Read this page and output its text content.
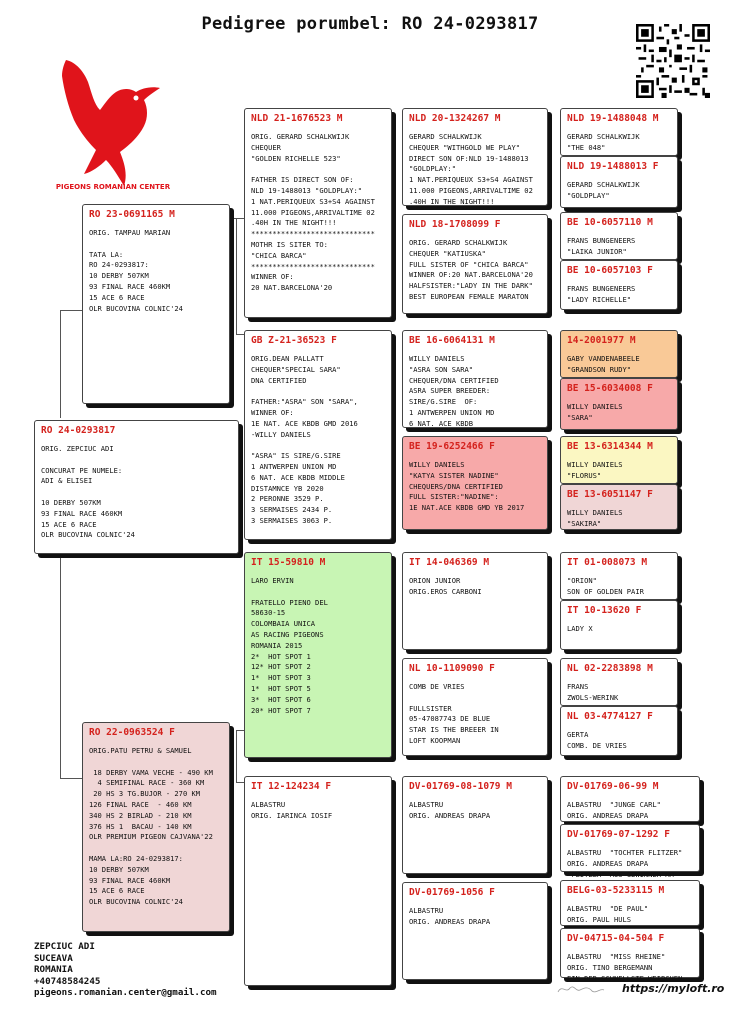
Pedigree porumbel: RO 24-0293817
PIGEONS ROMANIAN CENTER
RO 24-0293817
ORIG. ZEPCIUC ADI

CONCURAT PE NUMELE:
ADI & ELISEI

10 DERBY 507KM
93 FINAL RACE 460KM
15 ACE 6 RACE
OLR BUCOVINA COLNIC'24
RO 23-0691165 M
ORIG. TAMPAU MARIAN

TATA LA:
RO 24-0293817:
10 DERBY 507KM
93 FINAL RACE 460KM
15 ACE 6 RACE
OLR BUCOVINA COLNIC'24
RO 22-0963524 F
ORIG.PATU PETRU & SAMUEL

18 DERBY VAMA VECHE - 490 KM
4 SEMIFINAL RACE - 360 KM
20 HS 3 TG.BUJOR - 270 KM
126 FINAL RACE  - 460 KM
340 HS 2 BIRLAD - 210 KM
376 HS 1  BACAU - 140 KM
OLR PREMIUM PIGEON CAJVANA'22

MAMA LA:RO 24-0293817:
10 DERBY 507KM
93 FINAL RACE 460KM
15 ACE 6 RACE
OLR BUCOVINA COLNIC'24
NLD 21-1676523 M
ORIG. GERARD SCHALKWIJK
CHEQUER
"GOLDEN RICHELLE 523"

FATHER IS DIRECT SON OF:
NLD 19-1488013 "GOLDPLAY:"
1 NAT.PERIQUEUX S3+S4 AGAINST
11.000 PIGEONS,ARRIVALTIME 02
.40H IN THE NIGHT!!!
*****************************
MOTHR IS SITER TO:
"CHICA BARCA"
*****************************
WINNER OF:
20 NAT.BARCELONA'20
GB Z-21-36523 F
ORIG.DEAN PALLATT
CHEQUER"SPECIAL SARA"
DNA CERTIFIED

FATHER:"ASRA" SON "SARA",
WINNER OF:
1E NAT. ACE KBDB GMD 2016
-WILLY DANIELS

"ASRA" IS SIRE/G.SIRE
1 ANTWERPEN UNION MD
6 NAT. ACE KBDB MIDDLE
DISTAMNCE YB 2020
2 PERONNE 3529 P.
3 SERMAISES 2434 P.
3 SERMAISES 3063 P.
IT 15-59810 M
LARO ERVIN

FRATELLO PIENO DEL
58630-15
COLOMBAIA UNICA
AS RACING PIGEONS
ROMANIA 2015
2*  HOT SPOT 1
12* HOT SPOT 2
1*  HOT SPOT 3
1*  HOT SPOT 5
3*  HOT SPOT 6
20* HOT SPOT 7
IT 12-124234 F
ALBASTRU
ORIG. IARINCA IOSIF
NLD 20-1324267 M
GERARD SCHALKWIJK
CHEQUER "WITHGOLD WE PLAY"
DIRECT SON OF:NLD 19-1488013
"GOLDPLAY:"
1 NAT.PERIQUEUX S3+S4 AGAINST
11.000 PIGEONS,ARRIVALTIME 02
.40H IN THE NIGHT!!!
NLD 18-1708099 F
ORIG. GERARD SCHALKWIJK
CHEQUER "KATIUSKA"
FULL SISTER OF "CHICA BARCA"
WINNER OF:20 NAT.BARCELONA'20
HALFSISTER:"LADY IN THE DARK"
BEST EUROPEAN FEMALE MARATON
BE 16-6064131 M
WILLY DANIELS
"ASRA SON SARA"
CHEQUER/DNA CERTIFIED
ASRA SUPER BREEDER:
SIRE/G.SIRE  OF:
1 ANTWERPEN UNION MD
6 NAT. ACE KBDB
BE 19-6252466 F
WILLY DANIELS
"KATYA SISTER NADINE"
CHEQUERS/DNA CERTIFIED
FULL SISTER:"NADINE":
1E NAT.ACE KBDB GMD YB 2017
IT 14-046369 M
ORION JUNIOR
ORIG.EROS CARBONI
NL 10-1109090 F
COMB DE VRIES

FULLSISTER
05-47087743 DE BLUE
STAR IS THE BREEER IN
LOFT KOOPMAN
DV-01769-08-1079 M
ALBASTRU
ORIG. ANDREAS DRAPA
DV-01769-1056 F
ALBASTRU
ORIG. ANDREAS DRAPA
NLD 19-1488048 M
GERARD SCHALKWIJK
"THE 048"
NLD 19-1488013 F
GERARD SCHALKWIJK
"GOLDPLAY"
BE 10-6057110 M
FRANS BUNGENEERS
"LAIKA JUNIOR"
BE 10-6057103 F
FRANS BUNGENEERS
"LADY RICHELLE"
14-2001977 M
GABY VANDENABEELE
"GRANDSON RUDY"
BE 15-6034008 F
WILLY DANIELS
"SARA"
BE 13-6314344 M
WILLY DANIELS
"FLORUS"
BE 13-6051147 F
WILLY DANIELS
"SAKIRA"
IT 01-008073 M
"ORION"
SON OF GOLDEN PAIR

IT 10-13620 F
LADY X
NL 02-2283898 M
FRANS
ZWOLS-WERINK
NL 03-4774127 F
GERTA
COMB. DE VRIES
DV-01769-06-99 M
ALBASTRU  "JUNGE CARL"
ORIG. ANDREAS DRAPA

DV-01769-07-1292 F
ALBASTRU  "TOCHTER FLITZER"
ORIG. ANDREAS DRAPA
"FLITZER" AUS GEWINNER AM
BELG-03-5233115 M
ALBASTRU  "DE PAUL"
ORIG. PAUL HULS

DV-04715-04-504 F
ALBASTRU  "MISS RHEINE"
ORIG. TINO BERGEMANN
EIN DER SCHNELLSTE WEIBCHEN
ZEPCIUC ADI
SUCEAVA
ROMANIA
+40748584245
pigeons.romanian.center@gmail.com	https://myloft.ro
